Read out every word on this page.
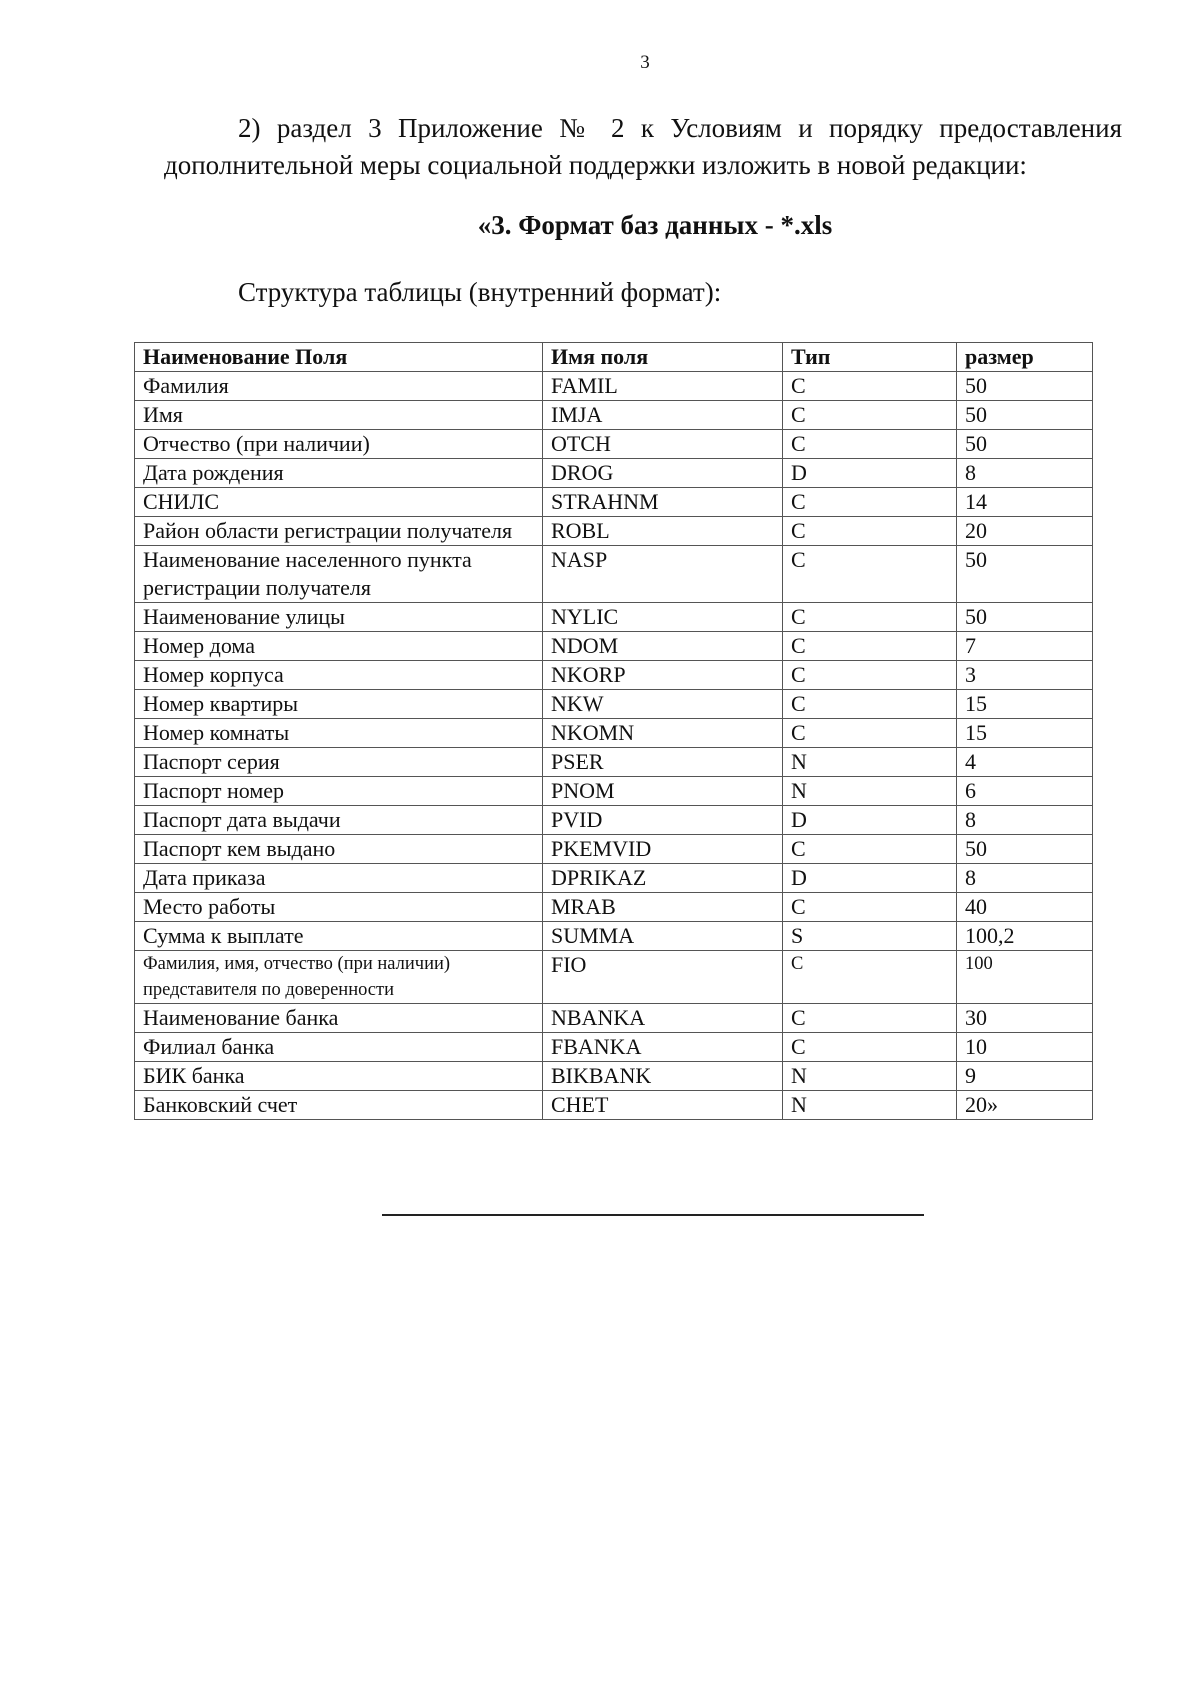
3

2) раздел 3 Приложение № 2 к Условиям и порядку предоставления дополнительной меры социальной поддержки изложить в новой редакции:

«3. Формат баз данных - *.xls

Структура таблицы (внутренний формат):

Наименование Поля	Имя поля	Тип	размер
Фамилия	FAMIL	C	50
Имя	IMJA	C	50
Отчество (при наличии)	OTCH	C	50
Дата рождения	DROG	D	8
СНИЛС	STRAHNM	C	14
Район области регистрации получателя	ROBL	C	20
Наименование населенного пункта регистрации получателя	NASP	C	50
Наименование улицы	NYLIC	C	50
Номер дома	NDOM	C	7
Номер корпуса	NKORP	C	3
Номер квартиры	NKW	C	15
Номер комнаты	NKOMN	C	15
Паспорт серия	PSER	N	4
Паспорт номер	PNOM	N	6
Паспорт дата выдачи	PVID	D	8
Паспорт кем выдано	PKEMVID	C	50
Дата приказа	DPRIKAZ	D	8
Место работы	MRAB	C	40
Сумма к выплате	SUMMA	S	100,2
Фамилия, имя, отчество (при наличии) представителя по доверенности	FIO	C	100
Наименование банка	NBANKA	C	30
Филиал банка	FBANKA	C	10
БИК банка	BIKBANK	N	9
Банковский счет	CHET	N	20»
